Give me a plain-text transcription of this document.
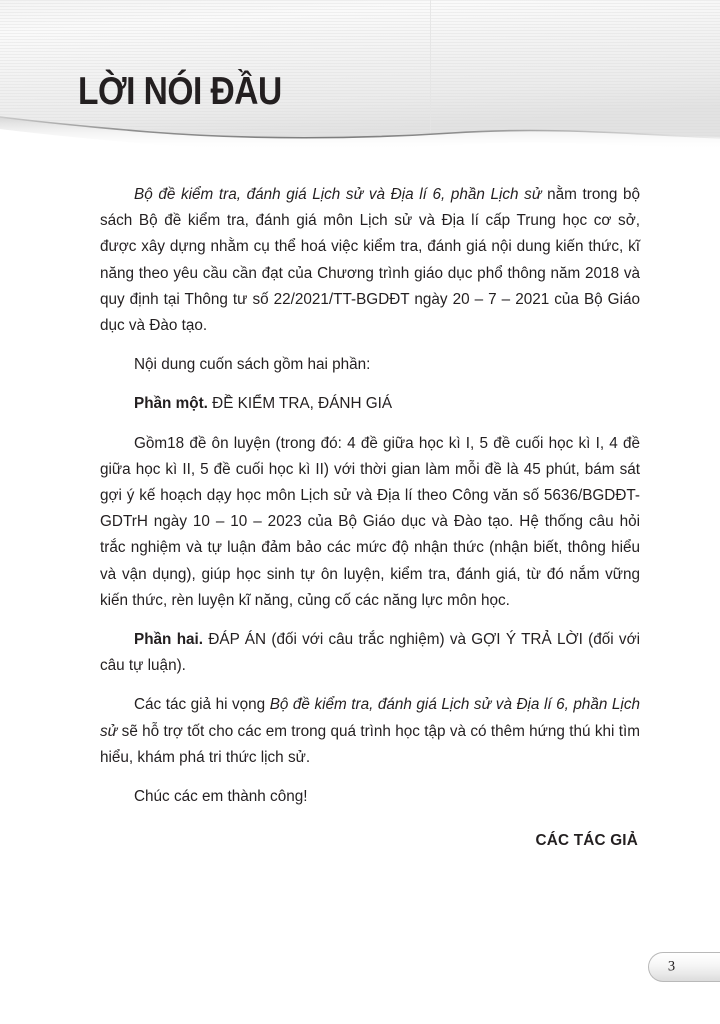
LỜI NÓI ĐẦU

Bộ đề kiểm tra, đánh giá Lịch sử và Địa lí 6, phần Lịch sử nằm trong bộ sách Bộ đề kiểm tra, đánh giá môn Lịch sử và Địa lí cấp Trung học cơ sở, được xây dựng nhằm cụ thể hoá việc kiểm tra, đánh giá nội dung kiến thức, kĩ năng theo yêu cầu cần đạt của Chương trình giáo dục phổ thông năm 2018 và quy định tại Thông tư số 22/2021/TT-BGDĐT ngày 20 – 7 – 2021 của Bộ Giáo dục và Đào tạo.

Nội dung cuốn sách gồm hai phần:

Phần một. ĐỀ KIỂM TRA, ĐÁNH GIÁ

Gồm18 đề ôn luyện (trong đó: 4 đề giữa học kì I, 5 đề cuối học kì I, 4 đề giữa học kì II, 5 đề cuối học kì II) với thời gian làm mỗi đề là 45 phút, bám sát gợi ý kế hoạch dạy học môn Lịch sử và Địa lí theo Công văn số 5636/BGDĐT-GDTrH ngày 10 – 10 – 2023 của Bộ Giáo dục và Đào tạo. Hệ thống câu hỏi trắc nghiệm và tự luận đảm bảo các mức độ nhận thức (nhận biết, thông hiểu và vận dụng), giúp học sinh tự ôn luyện, kiểm tra, đánh giá, từ đó nắm vững kiến thức, rèn luyện kĩ năng, củng cố các năng lực môn học.

Phần hai. ĐÁP ÁN (đối với câu trắc nghiệm) và GỢI Ý TRẢ LỜI (đối với câu tự luận).

Các tác giả hi vọng Bộ đề kiểm tra, đánh giá Lịch sử và Địa lí 6, phần Lịch sử sẽ hỗ trợ tốt cho các em trong quá trình học tập và có thêm hứng thú khi tìm hiểu, khám phá tri thức lịch sử.

Chúc các em thành công!

CÁC TÁC GIẢ

3
